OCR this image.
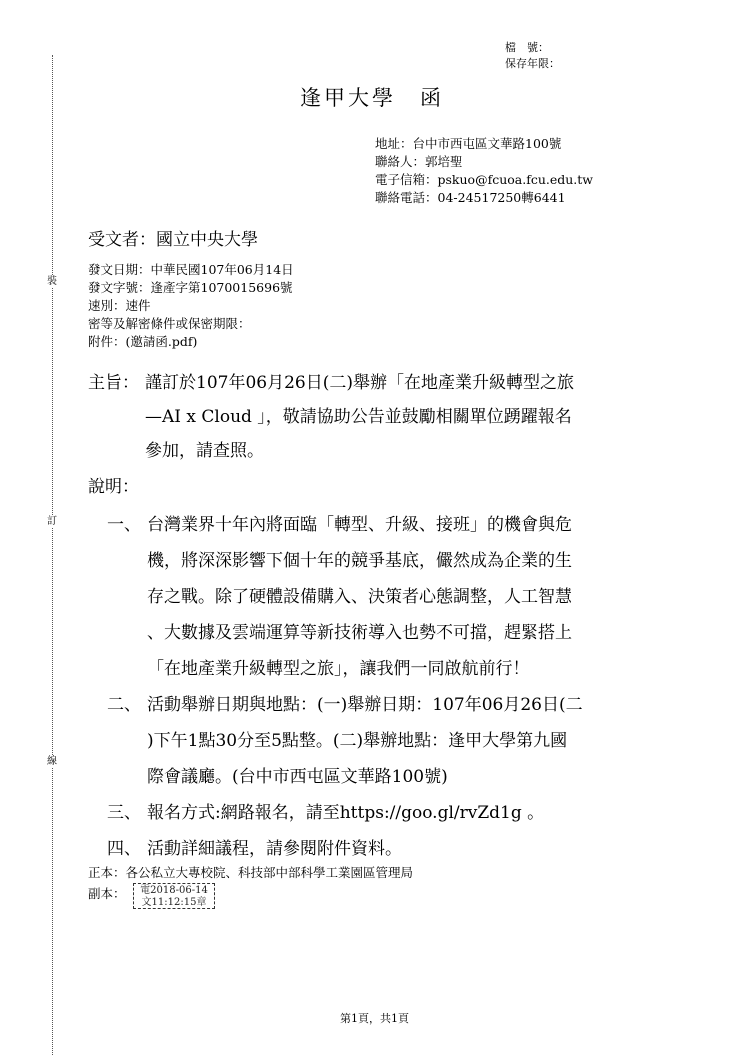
裝
訂
線
檔　號：
保存年限：
逢甲大學　函
地址：台中市西屯區文華路100號
聯絡人：郭培聖
電子信箱：pskuo@fcuoa.fcu.edu.tw
聯絡電話：04-24517250轉6441
受文者：國立中央大學
發文日期：中華民國107年06月14日
發文字號：逢產字第1070015696號
速別：速件
密等及解密條件或保密期限：
附件：(邀請函.pdf)
主旨： 謹訂於107年06月26日(二)舉辦「在地產業升級轉型之旅
—AI x Cloud 」，敬請協助公告並鼓勵相關單位踴躍報名
參加，請查照。
說明：
一、 台灣業界十年內將面臨「轉型、升級、接班」的機會與危
機，將深深影響下個十年的競爭基底，儼然成為企業的生
存之戰。除了硬體設備購入、決策者心態調整，人工智慧
、大數據及雲端運算等新技術導入也勢不可擋，趕緊搭上
「在地產業升級轉型之旅」，讓我們一同啟航前行！
二、 活動舉辦日期與地點：(一)舉辦日期：107年06月26日(二
)下午1點30分至5點整。(二)舉辦地點：逢甲大學第九國
際會議廳。(台中市西屯區文華路100號)
三、 報名方式:網路報名，請至https://goo.gl/rvZd1g 。
四、 活動詳細議程，請參閱附件資料。
正本：各公私立大專校院、科技部中部科學工業園區管理局
副本：	電2018-06-14
文11:12:15章
第1頁，共1頁
